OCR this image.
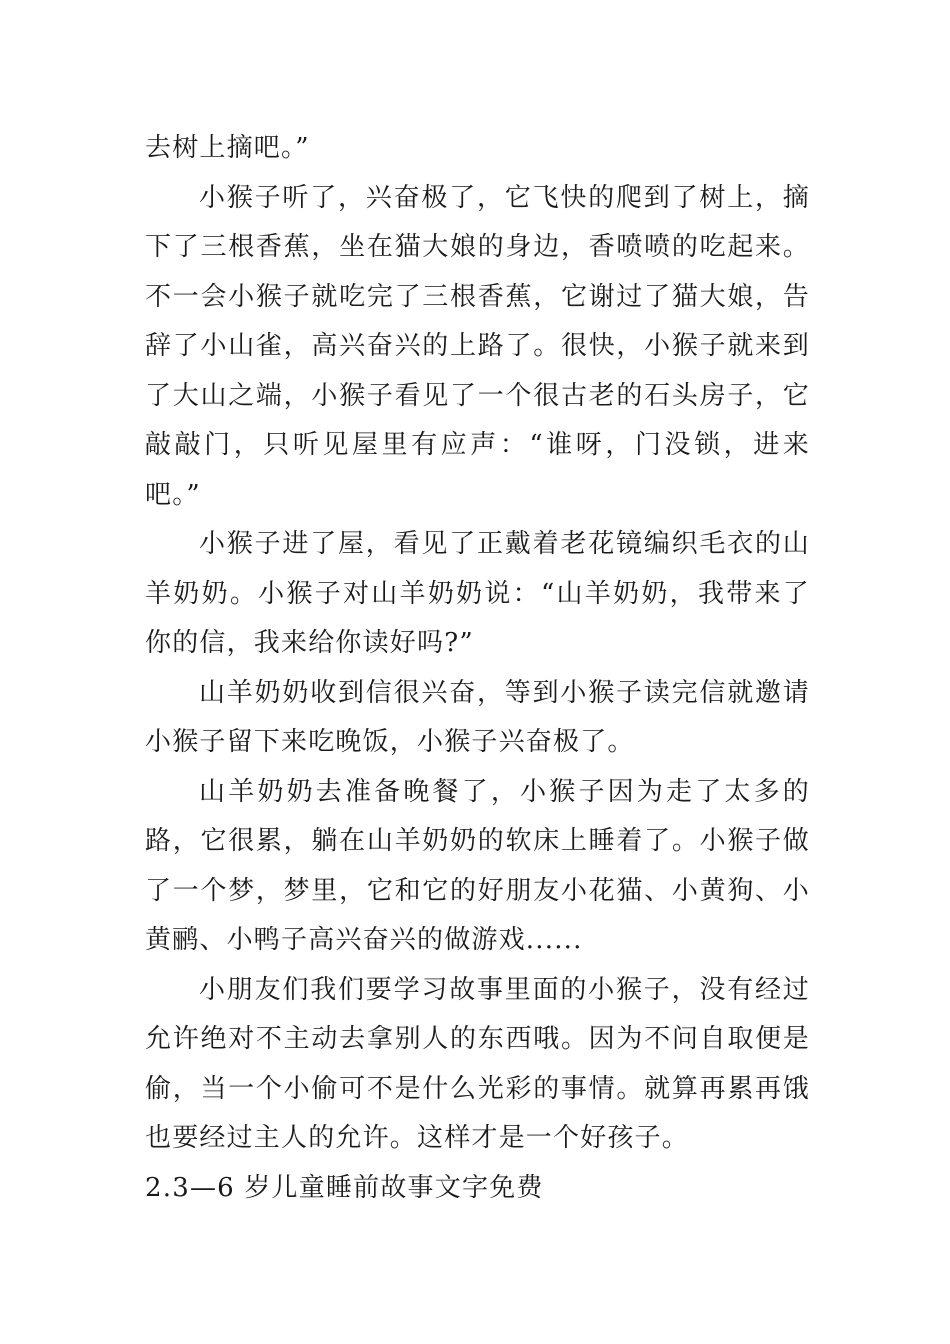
去树上摘吧。”

小猴子听了，兴奋极了，它飞快的爬到了树上，摘下了三根香蕉，坐在猫大娘的身边，香喷喷的吃起来。不一会小猴子就吃完了三根香蕉，它谢过了猫大娘，告辞了小山雀，高兴奋兴的上路了。很快，小猴子就来到了大山之端，小猴子看见了一个很古老的石头房子，它敲敲门，只听见屋里有应声：“谁呀，门没锁，进来吧。”

小猴子进了屋，看见了正戴着老花镜编织毛衣的山羊奶奶。小猴子对山羊奶奶说：“山羊奶奶，我带来了你的信，我来给你读好吗?”

山羊奶奶收到信很兴奋，等到小猴子读完信就邀请小猴子留下来吃晚饭，小猴子兴奋极了。

山羊奶奶去准备晚餐了，小猴子因为走了太多的路，它很累，躺在山羊奶奶的软床上睡着了。小猴子做了一个梦，梦里，它和它的好朋友小花猫、小黄狗、小黄鹂、小鸭子高兴奋兴的做游戏......

小朋友们我们要学习故事里面的小猴子，没有经过允许绝对不主动去拿别人的东西哦。因为不问自取便是偷，当一个小偷可不是什么光彩的事情。就算再累再饿也要经过主人的允许。这样才是一个好孩子。

2.3—6 岁儿童睡前故事文字免费
